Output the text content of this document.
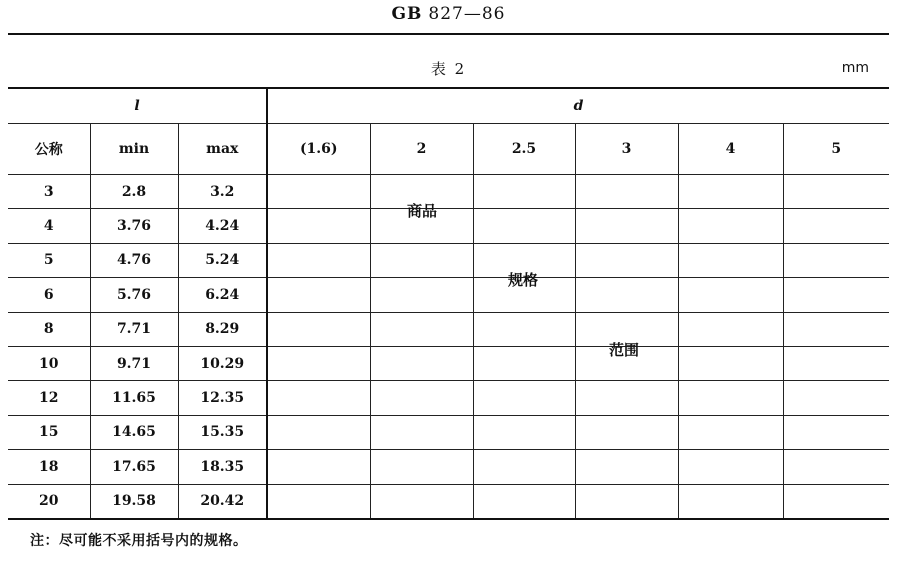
GB 827—86
表 2	mm
l			d					
公称	min	max	(1.6)	2	2.5	3	4	5
3	2.8	3.2						
4	3.76	4.24						
5	4.76	5.24						
6	5.76	6.24						
8	7.71	8.29						
10	9.71	10.29						
12	11.65	12.35						
15	14.65	15.35						
18	17.65	18.35						
20	19.58	20.42						
商品
规格
范围
注：尽可能不采用括号内的规格。
